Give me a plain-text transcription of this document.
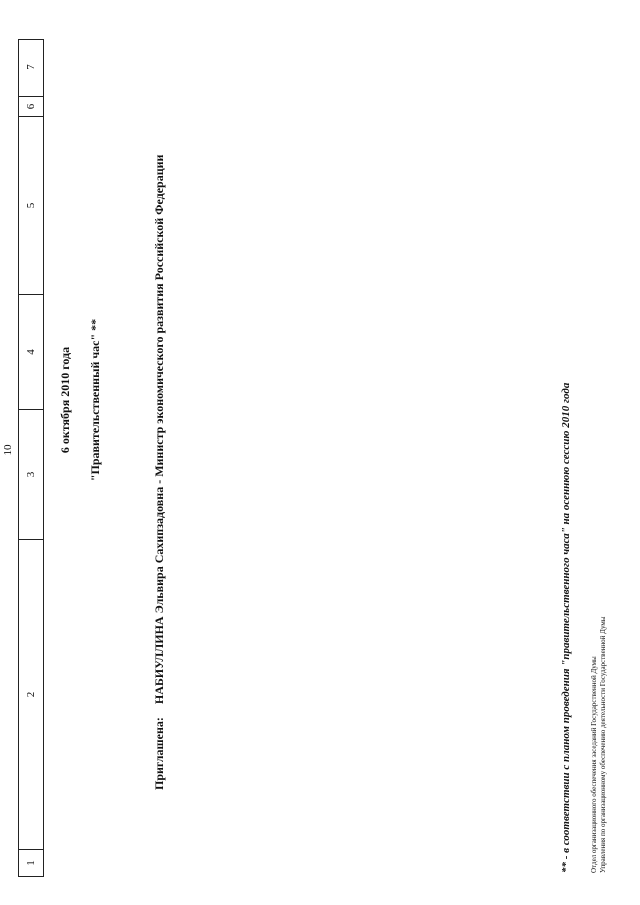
10
1
2
3
4
5
6
7
6 октября 2010 года "Правительственный час" **
Приглашена: НАБИУЛЛИНА Эльвира Сахипзадовна - Министр экономического развития Российской Федерации	** - в соответствии с планом проведения "правительственного часа" на осеннюю сессию 2010 года	Отдел организационного обеспечения заседаний Государственной Думы Управления по организационному обеспечению деятельности Государственной Думы
